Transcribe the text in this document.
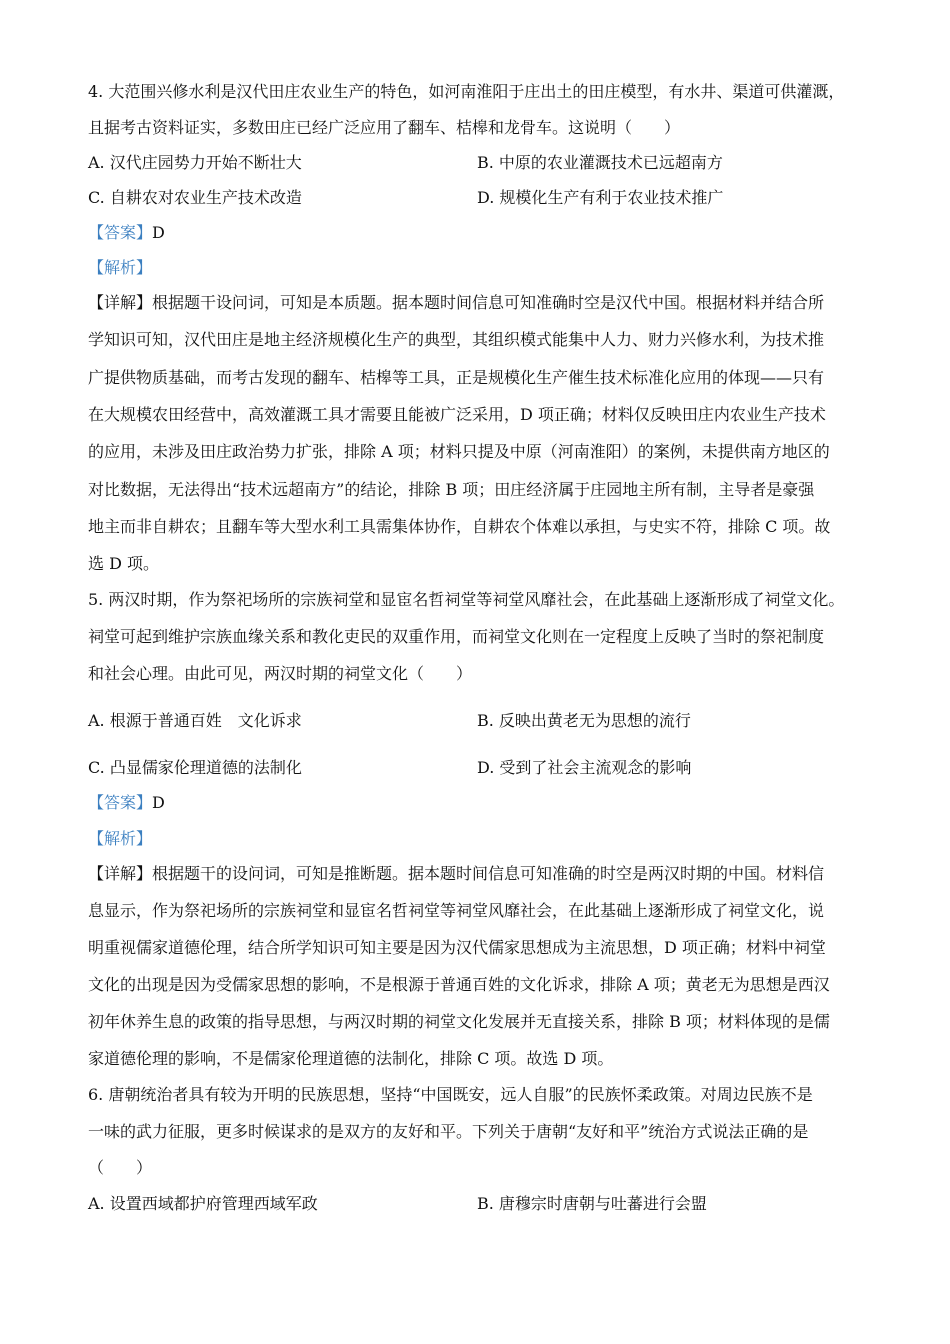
4. 大范围兴修水利是汉代田庄农业生产的特色，如河南淮阳于庄出土的田庄模型，有水井、渠道可供灌溉，
且据考古资料证实，多数田庄已经广泛应用了翻车、桔槔和龙骨车。这说明（　　）
A. 汉代庄园势力开始不断壮大	B. 中原的农业灌溉技术已远超南方
C. 自耕农对农业生产技术改造	D. 规模化生产有利于农业技术推广
【答案】D
【解析】
【详解】根据题干设问词，可知是本质题。据本题时间信息可知准确时空是汉代中国。根据材料并结合所
学知识可知，汉代田庄是地主经济规模化生产的典型，其组织模式能集中人力、财力兴修水利，为技术推
广提供物质基础，而考古发现的翻车、桔槔等工具，正是规模化生产催生技术标准化应用的体现——只有
在大规模农田经营中，高效灌溉工具才需要且能被广泛采用，D 项正确；材料仅反映田庄内农业生产技术
的应用，未涉及田庄政治势力扩张，排除 A 项；材料只提及中原（河南淮阳）的案例，未提供南方地区的
对比数据，无法得出“技术远超南方”的结论，排除 B 项；田庄经济属于庄园地主所有制，主导者是豪强
地主而非自耕农；且翻车等大型水利工具需集体协作，自耕农个体难以承担，与史实不符，排除 C 项。故
选 D 项。
5. 两汉时期，作为祭祀场所的宗族祠堂和显宦名哲祠堂等祠堂风靡社会，在此基础上逐渐形成了祠堂文化。
祠堂可起到维护宗族血缘关系和教化吏民的双重作用，而祠堂文化则在一定程度上反映了当时的祭祀制度
和社会心理。由此可见，两汉时期的祠堂文化（　　）
A. 根源于普通百姓　文化诉求	B. 反映出黄老无为思想的流行
C. 凸显儒家伦理道德的法制化	D. 受到了社会主流观念的影响
【答案】D
【解析】
【详解】根据题干的设问词，可知是推断题。据本题时间信息可知准确的时空是两汉时期的中国。材料信
息显示，作为祭祀场所的宗族祠堂和显宦名哲祠堂等祠堂风靡社会，在此基础上逐渐形成了祠堂文化，说
明重视儒家道德伦理，结合所学知识可知主要是因为汉代儒家思想成为主流思想，D 项正确；材料中祠堂
文化的出现是因为受儒家思想的影响，不是根源于普通百姓的文化诉求，排除 A 项；黄老无为思想是西汉
初年休养生息的政策的指导思想，与两汉时期的祠堂文化发展并无直接关系，排除 B 项；材料体现的是儒
家道德伦理的影响，不是儒家伦理道德的法制化，排除 C 项。故选 D 项。
6. 唐朝统治者具有较为开明的民族思想，坚持“中国既安，远人自服”的民族怀柔政策。对周边民族不是
一味的武力征服，更多时候谋求的是双方的友好和平。下列关于唐朝“友好和平”统治方式说法正确的是
（　　）
A. 设置西域都护府管理西域军政	B. 唐穆宗时唐朝与吐蕃进行会盟
